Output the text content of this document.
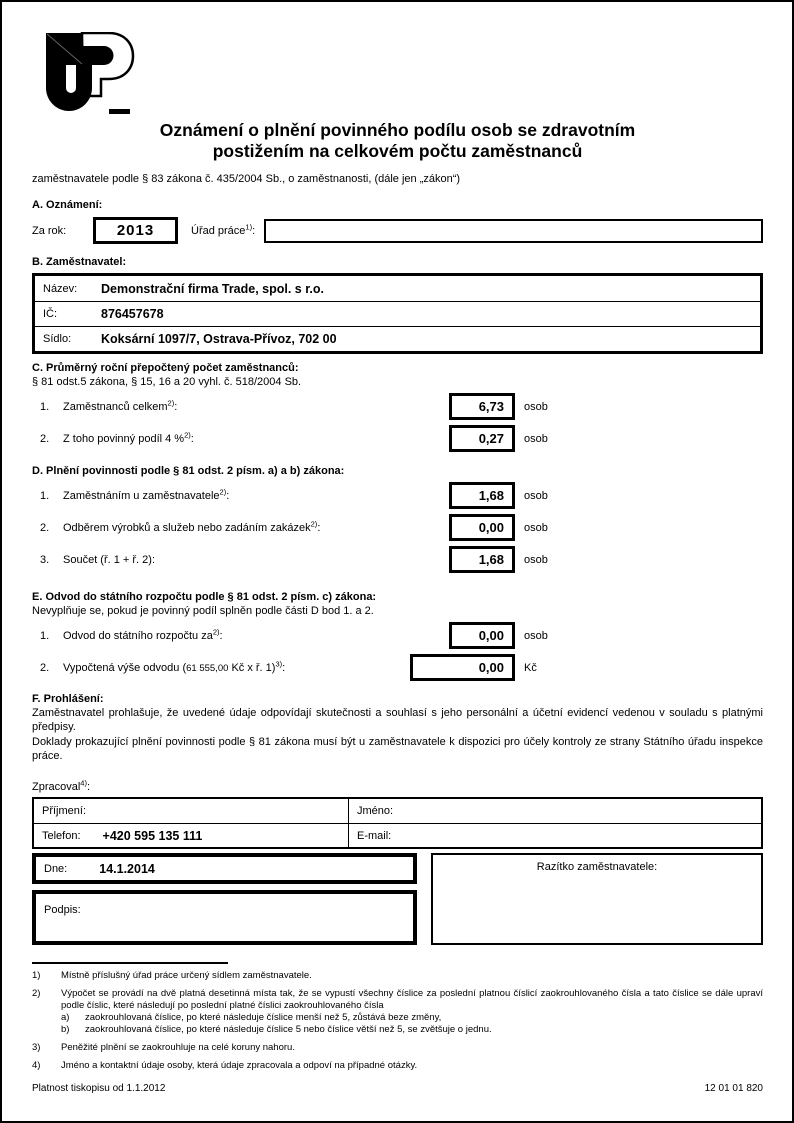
Oznámení o plnění povinného podílu osob se zdravotním
postižením na celkovém počtu zaměstnanců
zaměstnavatele podle § 83 zákona č. 435/2004 Sb., o zaměstnanosti, (dále jen „zákon“)
A. Oznámení:
Za rok:	2013	Úřad práce$^{1)}$:
B. Zaměstnavatel:
Název:	Demonstrační firma Trade, spol. s r.o.
IČ:	876457678
Sídlo:	Koksární 1097/7, Ostrava-Přívoz, 702 00
C. Průměrný roční přepočtený počet zaměstnanců:
§ 81 odst.5 zákona, § 15, 16 a 20 vyhl. č. 518/2004 Sb.
1.	Zaměstnanců celkem$^{2)}$:	6,73	osob
2.	Z toho povinný podíl 4 %$^{2)}$:	0,27	osob
D. Plnění povinnosti podle § 81 odst. 2 písm. a) a b) zákona:
1.	Zaměstnáním u zaměstnavatele$^{2)}$:	1,68	osob
2.	Odběrem výrobků a služeb nebo zadáním zakázek$^{2)}$:	0,00	osob
3.	Součet (ř. 1 + ř. 2):	1,68	osob
E. Odvod do státního rozpočtu podle § 81 odst. 2 písm. c) zákona:
Nevyplňuje se, pokud je povinný podíl splněn podle části D bod 1. a 2.
1.	Odvod do státního rozpočtu za$^{2)}$:	0,00	osob
2.	Vypočtená výše odvodu (61 555,00 Kč x ř. 1)$^{3)}$:	0,00	Kč
F. Prohlášení:
Zaměstnavatel prohlašuje, že uvedené údaje odpovídají skutečnosti a souhlasí s jeho personální a účetní evidencí vedenou v souladu s platnými předpisy.
Doklady prokazující plnění povinnosti podle § 81 zákona musí být u zaměstnavatele k dispozici pro účely kontroly ze strany Státního úřadu inspekce práce.
Zpracoval$^{4)}$:
Příjmení:	Jméno:
Telefon: +420 595 135 111	E-mail:
Dne:	14.1.2014
Podpis:
Razítko zaměstnavatele:
1)	Místně příslušný úřad práce určený sídlem zaměstnavatele.
2)	Výpočet se provádí na dvě platná desetinná místa tak, že se vypustí všechny číslice za poslední platnou číslicí zaokrouhlovaného čísla a tato číslice se dále upraví podle číslic, které následují po poslední platné číslici zaokrouhlovaného čísla
a)	zaokrouhlovaná číslice, po které následuje číslice menší než 5, zůstává beze změny,
b)	zaokrouhlovaná číslice, po které následuje číslice 5 nebo číslice větší než 5, se zvětšuje o jednu.
3)	Peněžité plnění se zaokrouhluje na celé koruny nahoru.
4)	Jméno a kontaktní údaje osoby, která údaje zpracovala a odpoví na případné otázky.
Platnost tiskopisu od 1.1.2012	12 01 01 820
